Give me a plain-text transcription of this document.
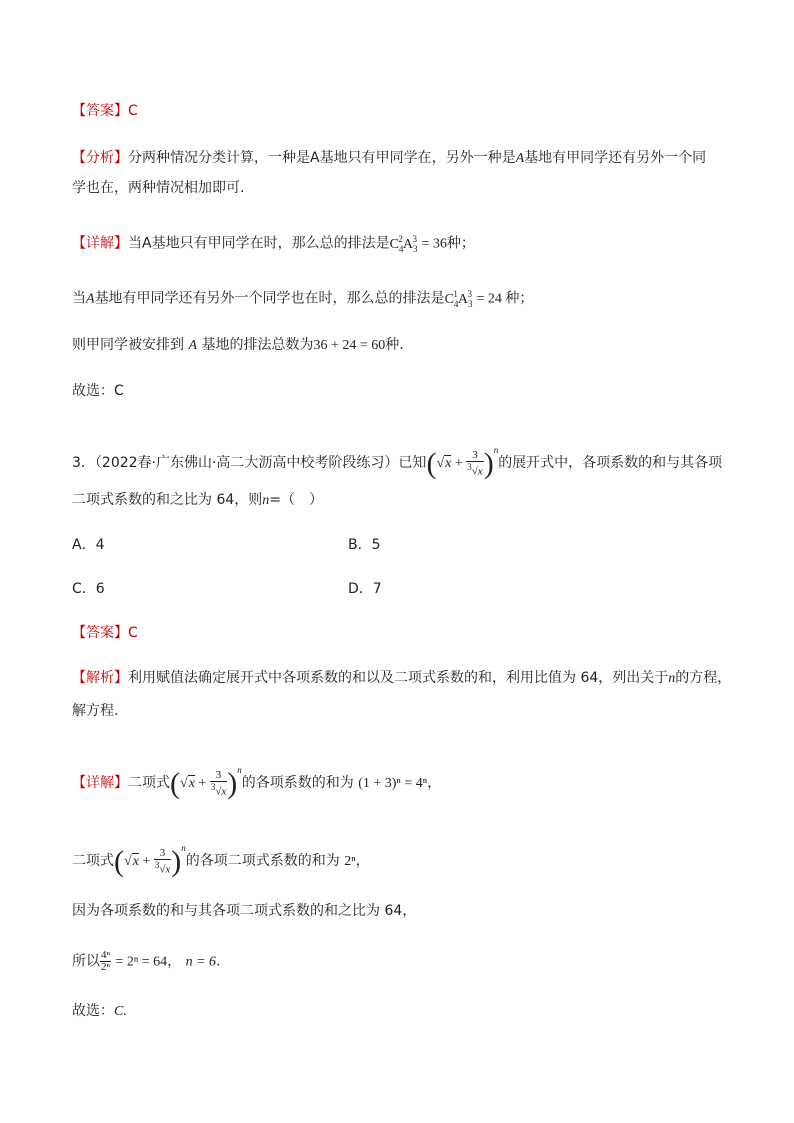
【答案】C
【分析】分两种情况分类计算，一种是A基地只有甲同学在，另外一种是A基地有甲同学还有另外一个同
学也在，两种情况相加即可.
【详解】当A基地只有甲同学在时，那么总的排法是$C_4^2A_3^3 = 36$种；
当A基地有甲同学还有另外一个同学也在时，那么总的排法是$C_4^1A_3^3 = 24$ 种；
则甲同学被安排到 A 基地的排法总数为36 + 24 = 60种.
故选：C
3．（2022春·广东佛山·高二大沥高中校考阶段练习）已知$(√x + \frac{3}{^3√x} )^n$的展开式中，各项系数的和与其各项
二项式系数的和之比为 64，则n=（　）
A．4	B．5
C．6	D．7
【答案】C
【解析】利用赋值法确定展开式中各项系数的和以及二项式系数的和，利用比值为 64，列出关于n的方程，
解方程.
【详解】二项式$(√x + \frac{3}{^3√x} )^n$的各项系数的和为 (1 + 3)ⁿ = 4ⁿ，
二项式$(√x + \frac{3}{^3√x} )^n$的各项二项式系数的和为 2ⁿ，
因为各项系数的和与其各项二项式系数的和之比为 64，
所以 $\frac{\text{4ⁿ}}{\text{2ⁿ}} = 2^n = 64$， n = 6.
故选：C.
